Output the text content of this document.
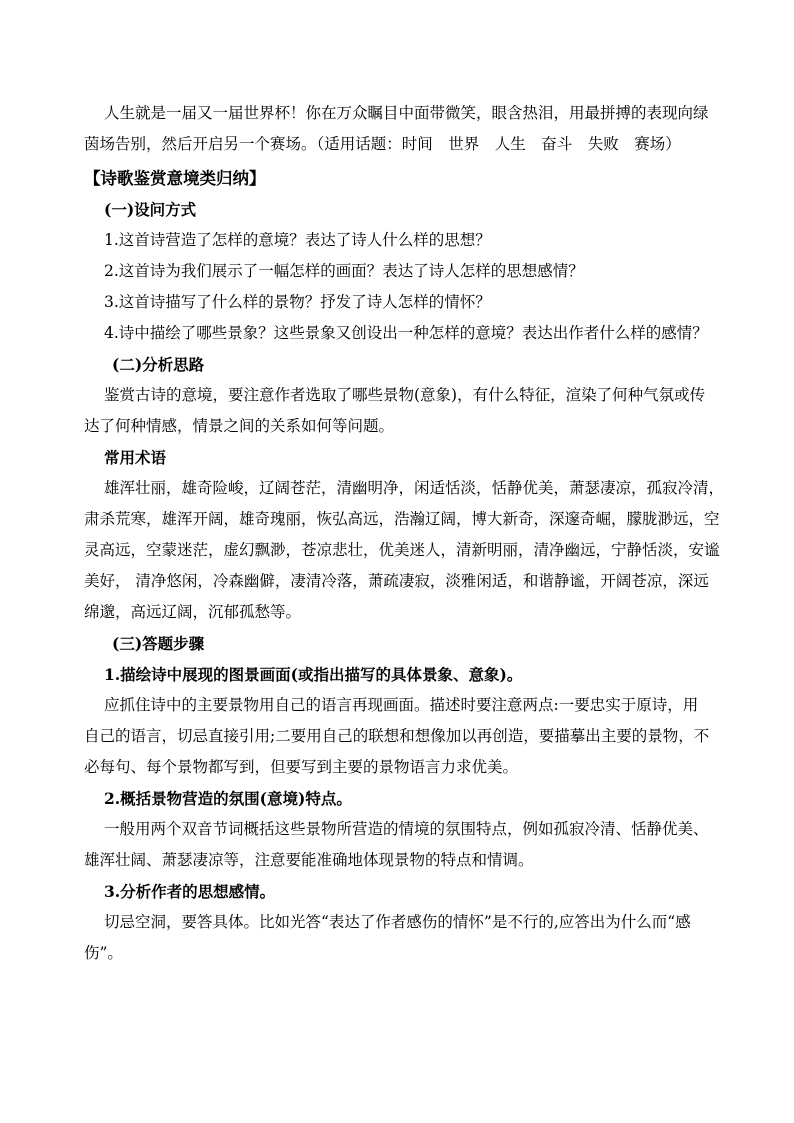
人生就是一届又一届世界杯！你在万众瞩目中面带微笑，眼含热泪，用最拼搏的表现向绿

茵场告别，然后开启另一个赛场。（适用话题：时间　世界　人生　奋斗　失败　赛场）

【诗歌鉴赏意境类归纳】

(一)设问方式

1.这首诗营造了怎样的意境？表达了诗人什么样的思想？

2.这首诗为我们展示了一幅怎样的画面？表达了诗人怎样的思想感情？

3.这首诗描写了什么样的景物？抒发了诗人怎样的情怀？

4.诗中描绘了哪些景象？这些景象又创设出一种怎样的意境？表达出作者什么样的感情？

(二)分析思路

鉴赏古诗的意境，要注意作者选取了哪些景物(意象)，有什么特征，渲染了何种气氛或传

达了何种情感，情景之间的关系如何等问题。

常用术语

雄浑壮丽，雄奇险峻，辽阔苍茫，清幽明净，闲适恬淡，恬静优美，萧瑟凄凉，孤寂冷清，

肃杀荒寒，雄浑开阔，雄奇瑰丽，恢弘高远，浩瀚辽阔，博大新奇，深邃奇崛，朦胧渺远，空

灵高远，空蒙迷茫，虚幻飘渺，苍凉悲壮，优美迷人，清新明丽，清净幽远，宁静恬淡，安谧

美好， 清净悠闲，冷森幽僻，凄清冷落，萧疏凄寂，淡雅闲适，和谐静谧，开阔苍凉，深远

绵邈，高远辽阔，沉郁孤愁等。

(三)答题步骤

1.描绘诗中展现的图景画面(或指出描写的具体景象、意象)。

应抓住诗中的主要景物用自己的语言再现画面。描述时要注意两点:一要忠实于原诗，用

自己的语言，切忌直接引用;二要用自己的联想和想像加以再创造，要描摹出主要的景物，不

必每句、每个景物都写到，但要写到主要的景物语言力求优美。

2.概括景物营造的氛围(意境)特点。

一般用两个双音节词概括这些景物所营造的情境的氛围特点，例如孤寂冷清、恬静优美、

雄浑壮阔、萧瑟凄凉等，注意要能准确地体现景物的特点和情调。

3.分析作者的思想感情。

切忌空洞，要答具体。比如光答“表达了作者感伤的情怀”是不行的,应答出为什么而“感

伤”。
